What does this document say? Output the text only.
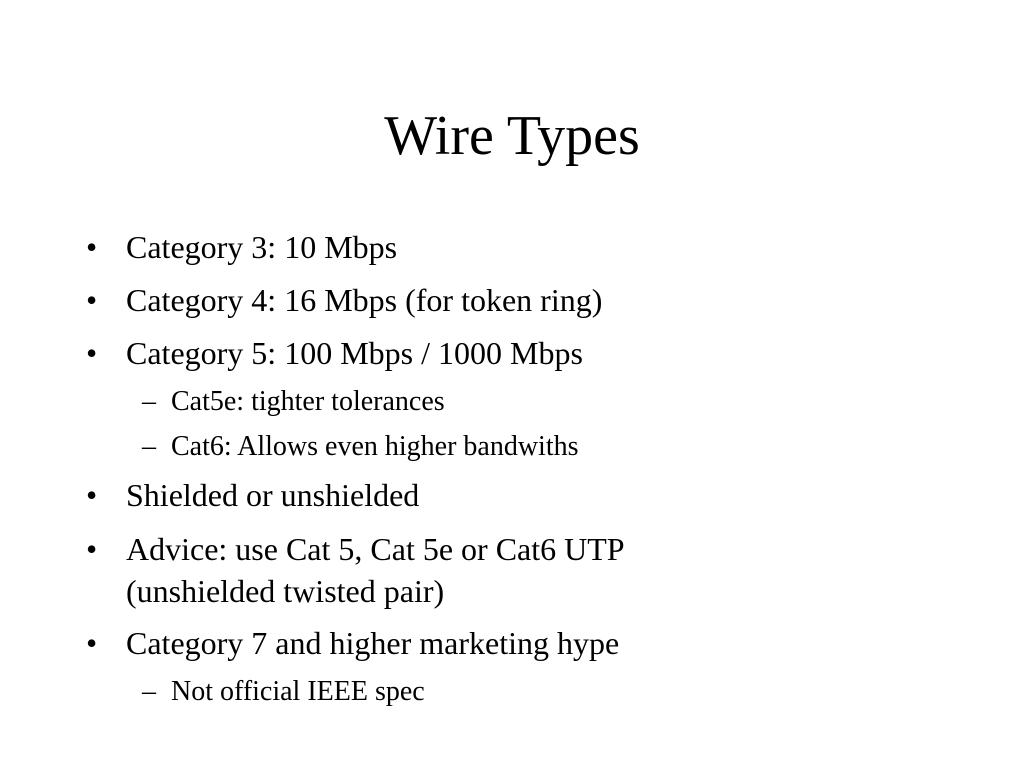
Wire Types
• Category 3: 10 Mbps
• Category 4: 16 Mbps (for token ring)
• Category 5: 100 Mbps / 1000 Mbps
– Cat5e: tighter tolerances
– Cat6: Allows even higher bandwiths
• Shielded or unshielded
• Advice: use Cat 5, Cat 5e or Cat6 UTP
(unshielded twisted pair)
• Category 7 and higher marketing hype
– Not official IEEE spec
